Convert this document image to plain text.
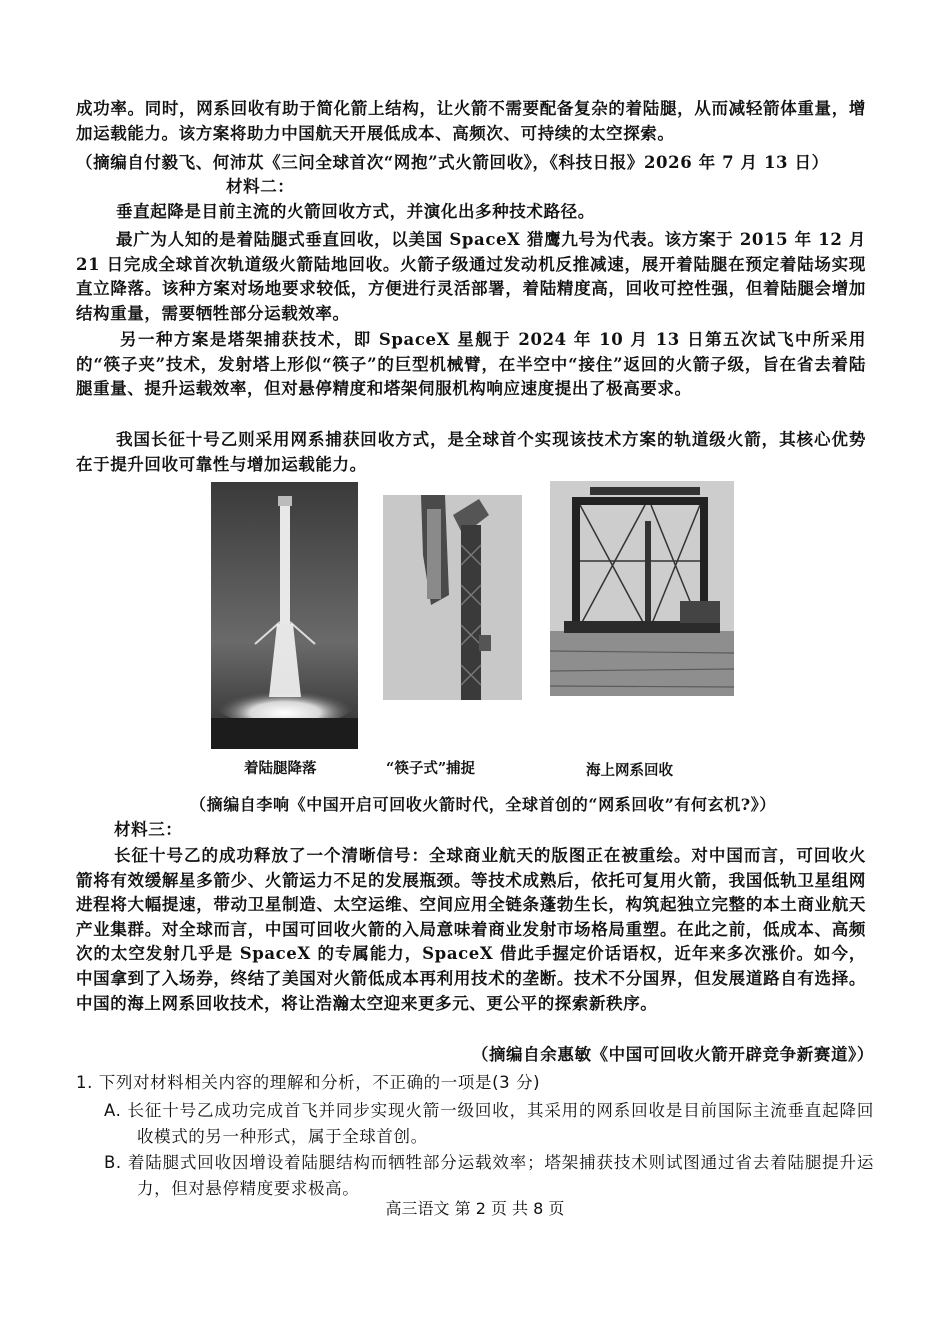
成功率。同时，网系回收有助于简化箭上结构，让火箭不需要配备复杂的着陆腿，从而减轻箭体重量，增加运载能力。该方案将助力中国航天开展低成本、高频次、可持续的太空探索。

（摘编自付毅飞、何沛苁《三问全球首次“网抱”式火箭回收》，《科技日报》2026 年 7 月 13 日）

材料二：

垂直起降是目前主流的火箭回收方式，并演化出多种技术路径。

最广为人知的是着陆腿式垂直回收，以美国 SpaceX 猎鹰九号为代表。该方案于 2015 年 12 月 21 日完成全球首次轨道级火箭陆地回收。火箭子级通过发动机反推减速，展开着陆腿在预定着陆场实现直立降落。该种方案对场地要求较低，方便进行灵活部署，着陆精度高，回收可控性强，但着陆腿会增加结构重量，需要牺牲部分运载效率。

另一种方案是塔架捕获技术，即 SpaceX 星舰于 2024 年 10 月 13 日第五次试飞中所采用的“筷子夹”技术，发射塔上形似“筷子”的巨型机械臂，在半空中“接住”返回的火箭子级，旨在省去着陆腿重量、提升运载效率，但对悬停精度和塔架伺服机构响应速度提出了极高要求。

我国长征十号乙则采用网系捕获回收方式，是全球首个实现该技术方案的轨道级火箭，其核心优势在于提升回收可靠性与增加运载能力。

着陆腿降落	“筷子式”捕捉	海上网系回收

（摘编自李响《中国开启可回收火箭时代，全球首创的“网系回收”有何玄机?》）

材料三：

长征十号乙的成功释放了一个清晰信号：全球商业航天的版图正在被重绘。对中国而言，可回收火箭将有效缓解星多箭少、火箭运力不足的发展瓶颈。等技术成熟后，依托可复用火箭，我国低轨卫星组网进程将大幅提速，带动卫星制造、太空运维、空间应用全链条蓬勃生长，构筑起独立完整的本土商业航天产业集群。对全球而言，中国可回收火箭的入局意味着商业发射市场格局重塑。在此之前，低成本、高频次的太空发射几乎是 SpaceX 的专属能力，SpaceX 借此手握定价话语权，近年来多次涨价。如今，中国拿到了入场券，终结了美国对火箭低成本再利用技术的垄断。技术不分国界，但发展道路自有选择。中国的海上网系回收技术，将让浩瀚太空迎来更多元、更公平的探索新秩序。

（摘编自余惠敏《中国可回收火箭开辟竞争新赛道》）

1. 下列对材料相关内容的理解和分析，不正确的一项是(3 分)

A. 长征十号乙成功完成首飞并同步实现火箭一级回收，其采用的网系回收是目前国际主流垂直起降回收模式的另一种形式，属于全球首创。

B. 着陆腿式回收因增设着陆腿结构而牺牲部分运载效率；塔架捕获技术则试图通过省去着陆腿提升运力，但对悬停精度要求极高。

高三语文 第 2 页 共 8 页
